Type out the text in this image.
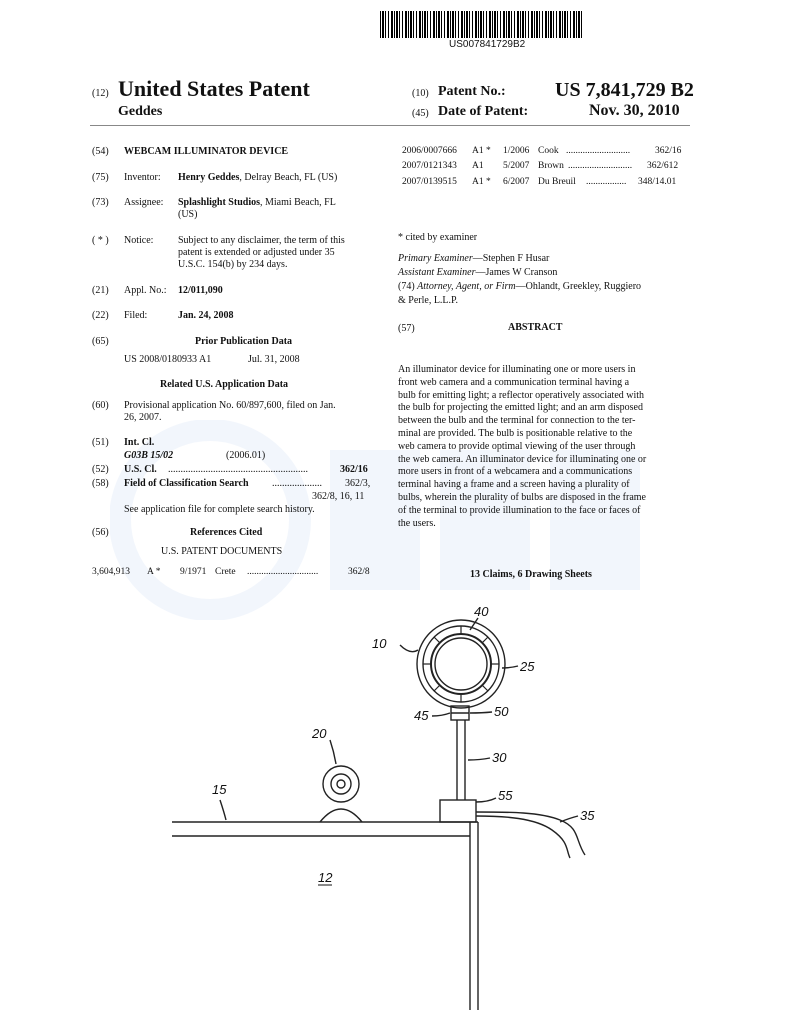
US007841729B2
(12) United States Patent
Geddes
(10) Patent No.: US 7,841,729 B2
(45) Date of Patent:	Nov. 30, 2010
(54) WEBCAM ILLUMINATOR DEVICE
(75) Inventor: Henry Geddes, Delray Beach, FL (US)
(73) Assignee: Splashlight Studios, Miami Beach, FL
(US)
( * ) Notice: Subject to any disclaimer, the term of this
patent is extended or adjusted under 35
U.S.C. 154(b) by 234 days.
(21) Appl. No.: 12/011,090
(22) Filed:	Jan. 24, 2008
(65)	Prior Publication Data
US 2008/0180933 A1	Jul. 31, 2008
Related U.S. Application Data
(60) Provisional application No. 60/897,600, filed on Jan.
26, 2007.
(51) Int. Cl.
G03B 15/02	(2006.01)
(52) U.S. Cl. ........................................................	362/16
(58) Field of Classification Search ....................	362/3,
362/8, 16, 11
See application file for complete search history.
(56)	References Cited
U.S. PATENT DOCUMENTS
3,604,913 A * 9/1971 Crete ..............................	362/8
2006/0007666 A1 * 1/2006 Cook ...........................	362/16
2007/0121343 A1 5/2007 Brown ...........................	362/612
2007/0139515 A1 * 6/2007 Du Breuil .................	348/14.01
* cited by examiner
Primary Examiner—Stephen F Husar
Assistant Examiner—James W Cranson
(74) Attorney, Agent, or Firm—Ohlandt, Greekley, Ruggiero
& Perle, L.L.P.
(57)	ABSTRACT
An illuminator device for illuminating one or more users in
front web camera and a communication terminal having a
bulb for emitting light; a reflector operatively associated with
the bulb for projecting the emitted light; and an arm disposed
between the bulb and the terminal for connection to the ter-
minal are provided. The bulb is positionable relative to the
web camera to provide optimal viewing of the user through
the web camera. An illuminator device for illuminating one or
more users in front of a webcamera and a communications
terminal having a frame and a screen having a plurality of
bulbs, wherein the plurality of bulbs are disposed in the frame
of the terminal to provide illumination to the face or faces of
the users.
13 Claims, 6 Drawing Sheets
10
40
25
45	50
20
30
15	55
35
12
